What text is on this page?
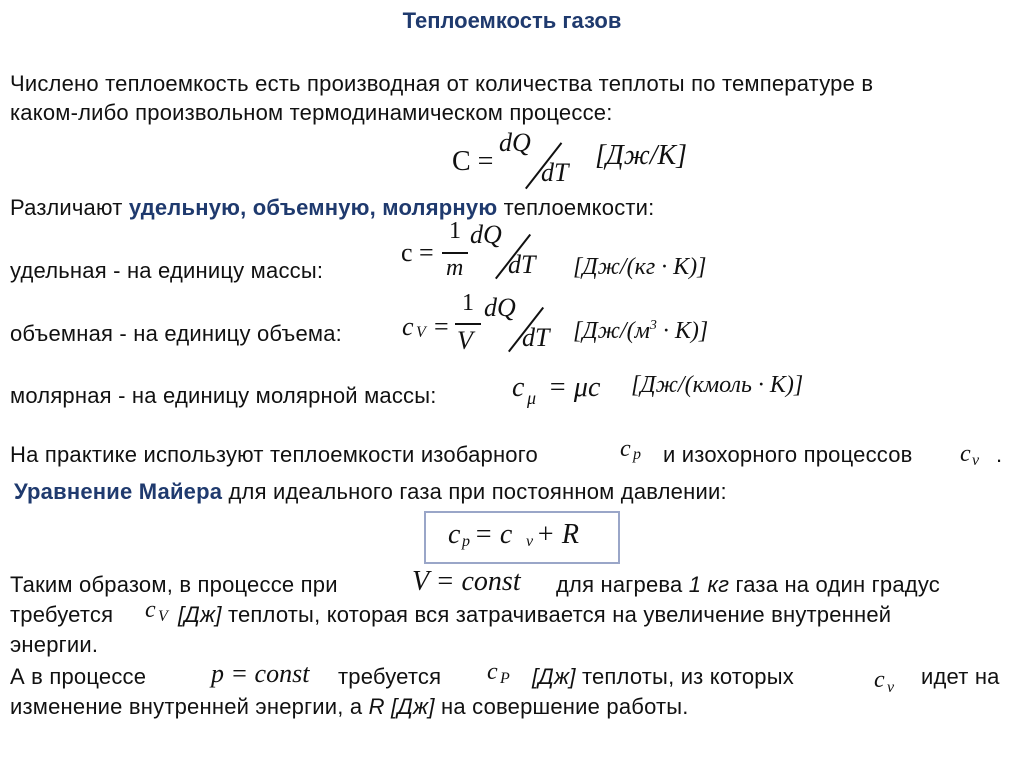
Теплоемкость газов
Числено теплоемкость есть производная от количества теплоты по температуре в
каком-либо произвольном термодинамическом процессе:
C =
dQ
dT
[Дж/К]
Различают удельную, объемную, молярную теплоемкости:
удельная - на единицу массы:
c =
1
m
dQ
dT [Дж/(кг · К)]
объемная - на единицу объема: c V =
1
V
dQ
dT $[Дж/(м^3 \cdot К)]$
молярная - на единицу молярной массы:	c μ = μc [Дж/(кмоль · К)]
На практике используют теплоемкости изобарного	c p и изохорного процессов c v .
Уравнение Майера для идеального газа при постоянном давлении:
c p = c v + R
Таким образом, в процессе при	V = const для нагрева 1 кг газа на один градус
требуется c V [Дж] теплоты, которая вся затрачивается на увеличение внутренней
энергии.
А в процессе p = const требуется c P [Дж] теплоты, из которых	c v идет на
изменение внутренней энергии, а R [Дж] на совершение работы.
